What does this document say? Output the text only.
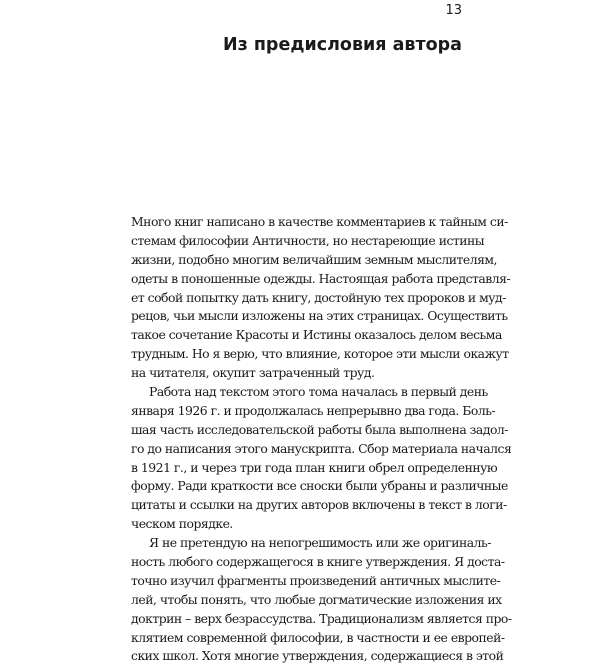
13
Из предисловия автора

Много книг написано в качестве комментариев к тайным си-
стемам философии Античности, но нестареющие истины
жизни, подобно многим величайшим земным мыслителям,
одеты в поношенные одежды. Настоящая работа представля-
ет собой попытку дать книгу, достойную тех пророков и муд-
рецов, чьи мысли изложены на этих страницах. Осуществить
такое сочетание Красоты и Истины оказалось делом весьма
трудным. Но я верю, что влияние, которое эти мысли окажут
на читателя, окупит затраченный труд.

Работа над текстом этого тома началась в первый день
января 1926 г. и продолжалась непрерывно два года. Боль-
шая часть исследовательской работы была выполнена задол-
го до написания этого манускрипта. Сбор материала начался
в 1921 г., и через три года план книги обрел определенную
форму. Ради краткости все сноски были убраны и различные
цитаты и ссылки на других авторов включены в текст в логи-
ческом порядке.

Я не претендую на непогрешимость или же оригиналь-
ность любого содержащегося в книге утверждения. Я доста-
точно изучил фрагменты произведений античных мыслите-
лей, чтобы понять, что любые догматические изложения их
доктрин – верх безрассудства. Традиционализм является про-
клятием современной философии, в частности и ее европей-
ских школ. Хотя многие утверждения, содержащиеся в этой
